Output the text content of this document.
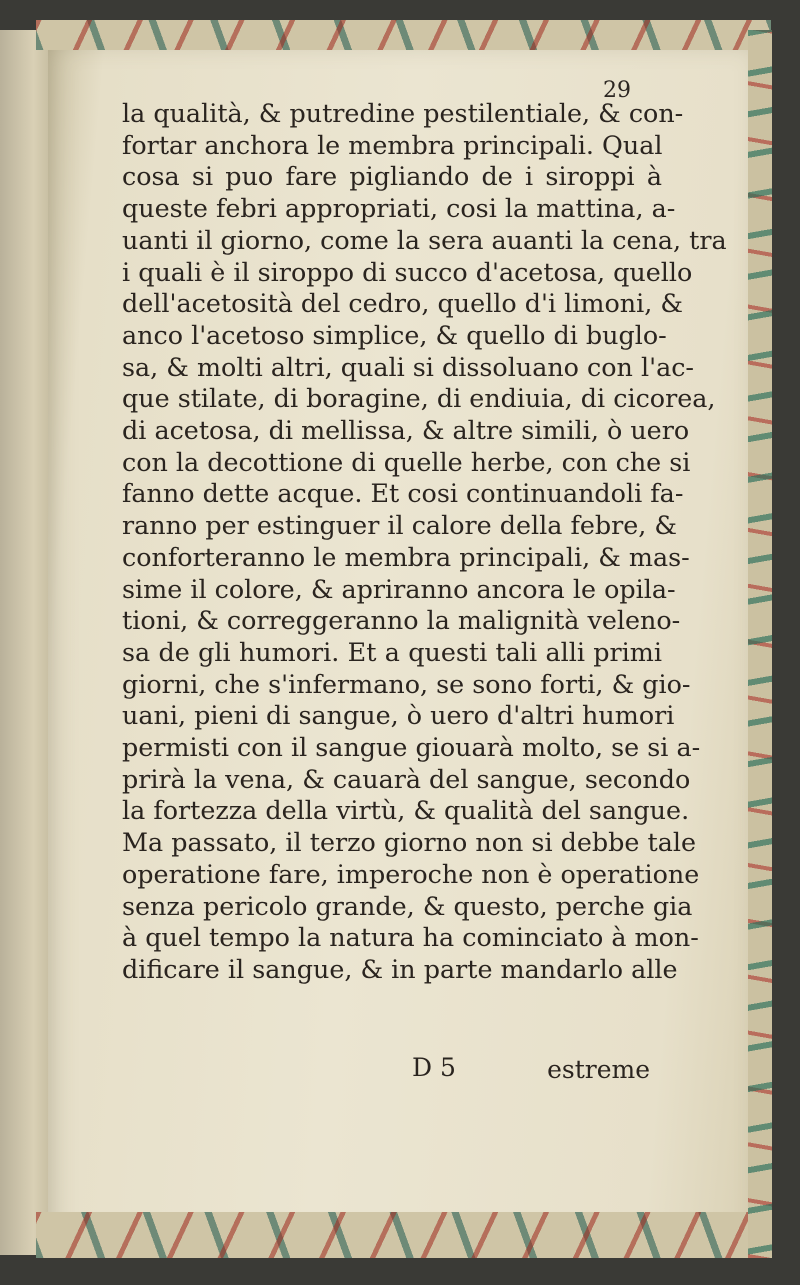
29
la qualità, & putredine pestilentiale, & con-
fortar anchora le membra principali. Qual
cosa si puo fare pigliando de i siroppi à
queste febri appropriati, cosi la mattina, a-
uanti il giorno, come la sera auanti la cena, tra
i quali è il siroppo di succo d'acetosa, quello
dell'acetosità del cedro, quello d'i limoni, &
anco l'acetoso simplice, & quello di buglo-
sa, & molti altri, quali si dissoluano con l'ac-
que stilate, di boragine, di endiuia, di cicorea,
di acetosa, di mellissa, & altre simili, ò uero
con la decottione di quelle herbe, con che si
fanno dette acque. Et cosi continuandoli fa-
ranno per estinguer il calore della febre, &
conforteranno le membra principali, & mas-
sime il colore, & apriranno ancora le opila-
tioni, & correggeranno la malignità veleno-
sa de gli humori. Et a questi tali alli primi
giorni, che s'infermano, se sono forti, & gio-
uani, pieni di sangue, ò uero d'altri humori
permisti con il sangue giouarà molto, se si a-
prirà la vena, & cauarà del sangue, secondo
la fortezza della virtù, & qualità del sangue.
Ma passato, il terzo giorno non si debbe tale
operatione fare, imperoche non è operatione
senza pericolo grande, & questo, perche gia
à quel tempo la natura ha cominciato à mon-
dificare il sangue, & in parte mandarlo alle
D 5	estreme
